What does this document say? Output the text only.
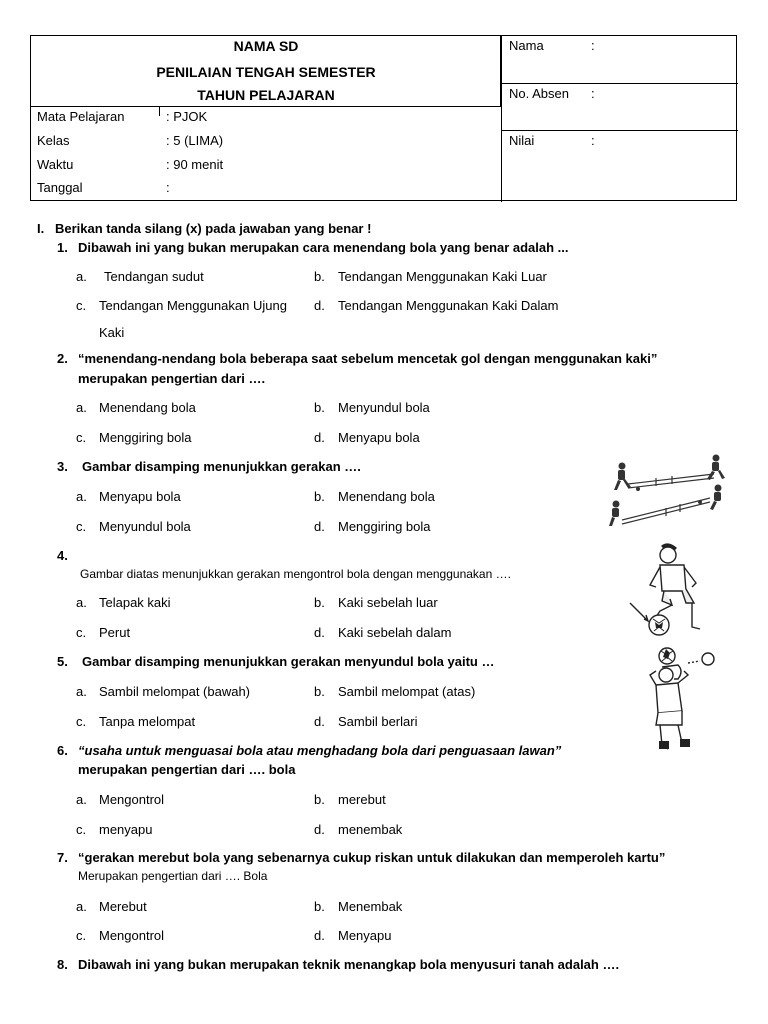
NAMA SD
PENILAIAN TENGAH SEMESTER
TAHUN PELAJARAN
Mata Pelajaran	: PJOK
Kelas	: 5 (LIMA)
Waktu	: 90 menit
Tanggal	:
Nama	:
No. Absen :
Nilai	:
I. Berikan tanda silang (x) pada jawaban yang benar !
1. Dibawah ini yang bukan merupakan cara menendang bola yang benar adalah ...
a. Tendangan sudut	b. Tendangan Menggunakan Kaki Luar
c. Tendangan Menggunakan Ujung
Kaki
d. Tendangan Menggunakan Kaki Dalam
2. “menendang-nendang bola beberapa saat sebelum mencetak gol dengan menggunakan kaki”
merupakan pengertian dari ….
a. Menendang bola	b. Menyundul bola
c. Menggiring bola	d. Menyapu bola
3. Gambar disamping menunjukkan gerakan ….
a. Menyapu bola	b. Menendang bola
c. Menyundul bola	d. Menggiring bola
4.
Gambar diatas menunjukkan gerakan mengontrol bola dengan menggunakan ….
a. Telapak kaki	b. Kaki sebelah luar
c. Perut	d. Kaki sebelah dalam
5. Gambar disamping menunjukkan gerakan menyundul bola yaitu …
a. Sambil melompat (bawah)	b. Sambil melompat (atas)
c. Tanpa melompat	d. Sambil berlari
6. “usaha untuk menguasai bola atau menghadang bola dari penguasaan lawan”
merupakan pengertian dari …. bola
a. Mengontrol	b. merebut
c. menyapu	d. menembak
7. “gerakan merebut bola yang sebenarnya cukup riskan untuk dilakukan dan memperoleh kartu”
Merupakan pengertian dari …. Bola
a. Merebut	b. Menembak
c. Mengontrol	d. Menyapu
8. Dibawah ini yang bukan merupakan teknik menangkap bola menyusuri tanah adalah ….
